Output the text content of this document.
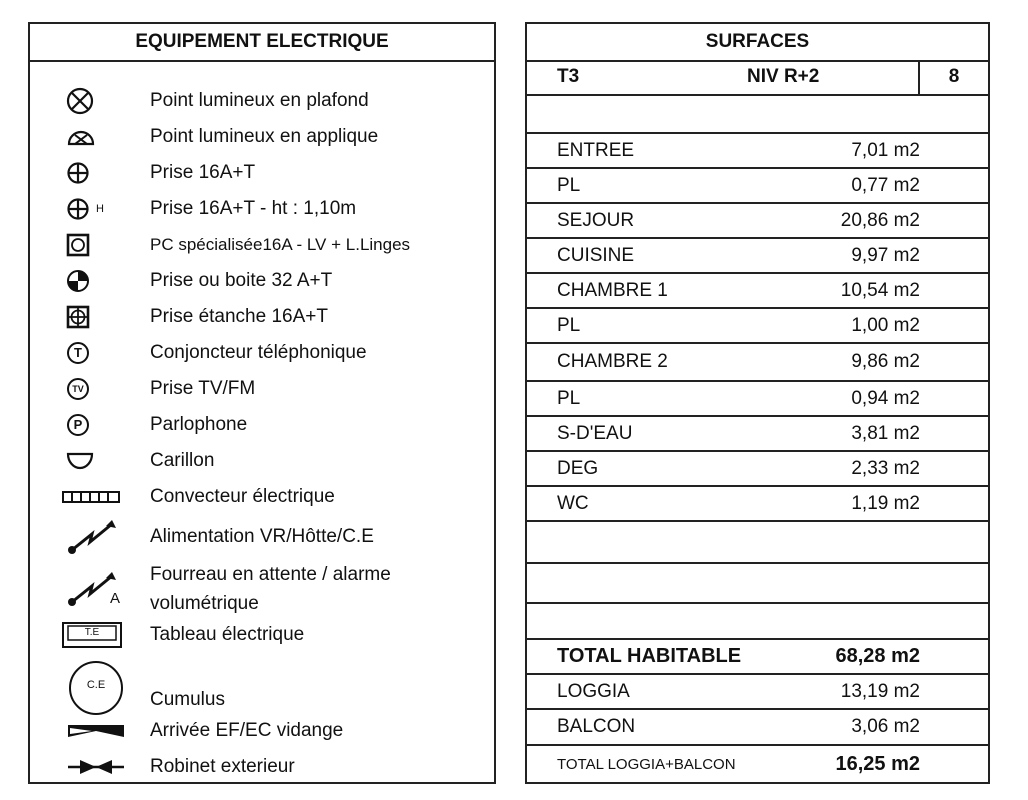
EQUIPEMENT ELECTRIQUE
Point lumineux en plafond
Point lumineux en applique
Prise 16A+T
H Prise 16A+T - ht : 1,10m
PC spécialisée16A - LV + L.Linges
Prise ou boite 32 A+T
Prise étanche 16A+T
T	Conjoncteur téléphonique
TV	Prise TV/FM
P	Parlophone
Carillon
Convecteur électrique
Alimentation VR/Hôtte/C.E
A
Fourreau en attente / alarme volumétrique
T.E	Tableau électrique
C.E
Cumulus
Arrivée EF/EC vidange
Robinet exterieur
SURFACES
T3	NIV R+2	8
ENTREE	7,01 m2
PL	0,77 m2
SEJOUR	20,86 m2
CUISINE	9,97 m2
CHAMBRE 1	10,54 m2
PL	1,00 m2
CHAMBRE 2	9,86 m2
PL	0,94 m2
S-D'EAU	3,81 m2
DEG	2,33 m2
WC	1,19 m2
TOTAL HABITABLE	68,28 m2
LOGGIA	13,19 m2
BALCON	3,06 m2
TOTAL LOGGIA+BALCON	16,25 m2
